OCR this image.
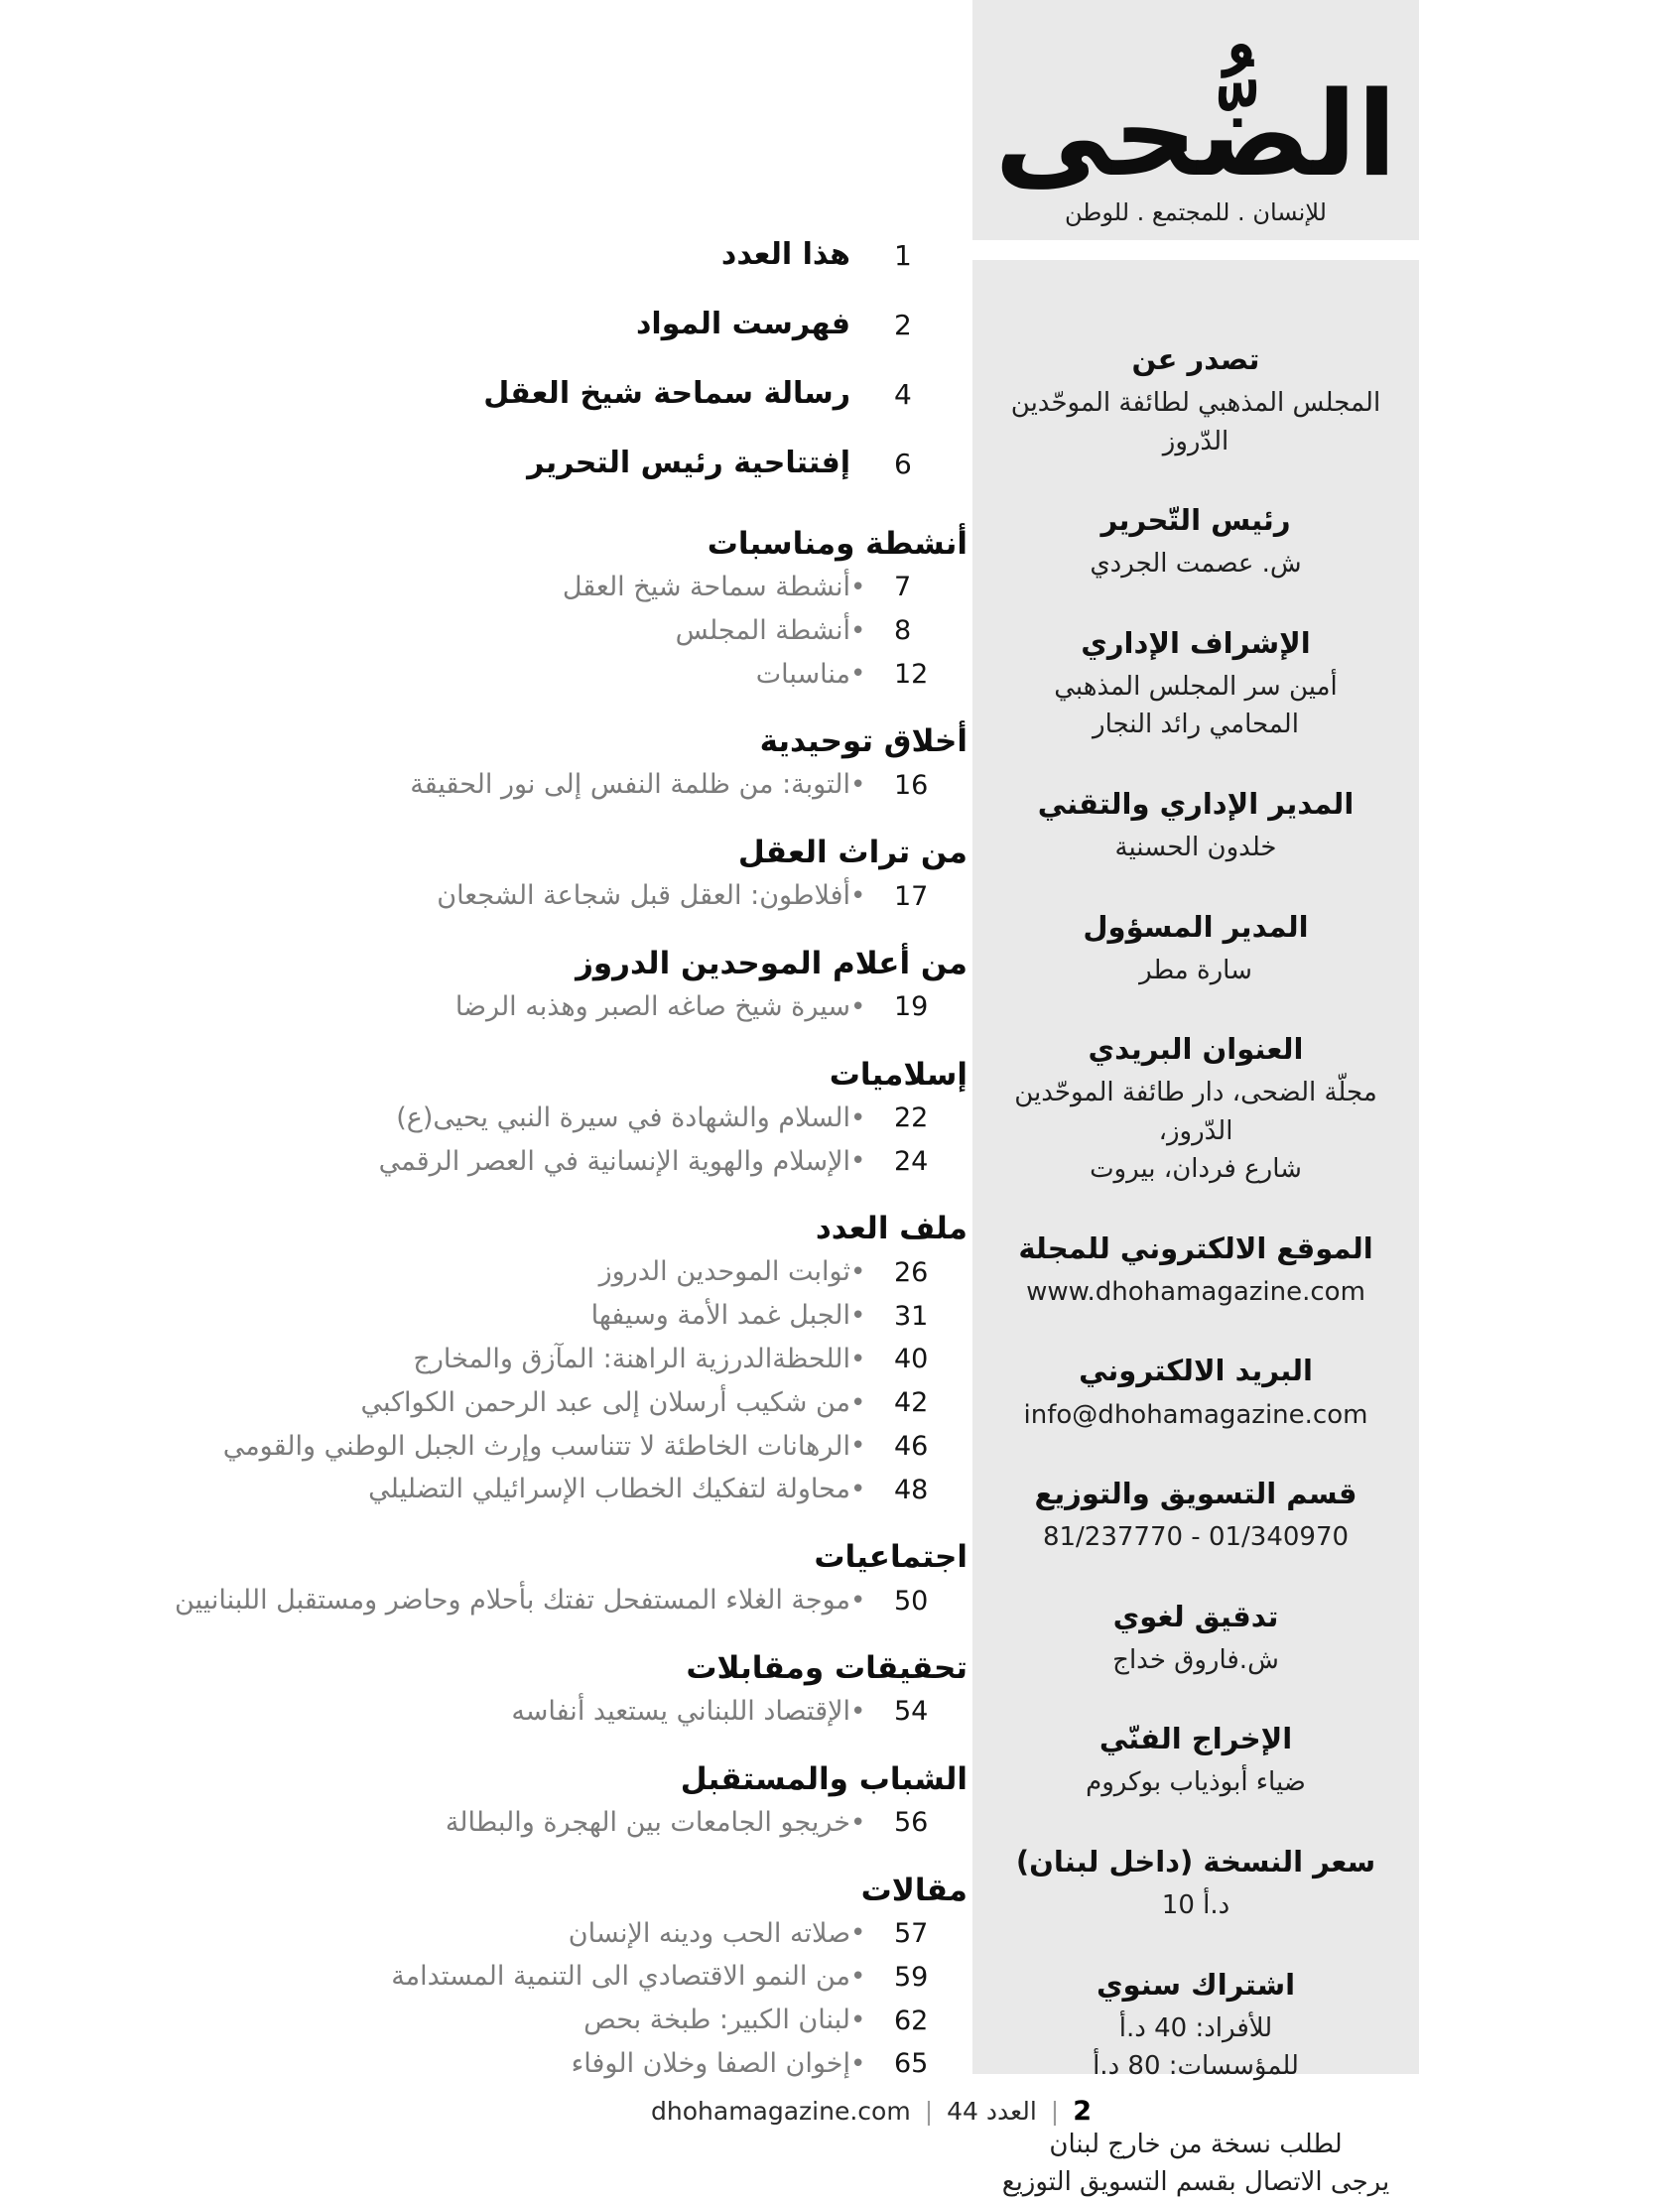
الضُّحى
للإنسان . للمجتمع . للوطن
تصدر عن
المجلس المذهبي لطائفة الموحّدين الدّروز
رئيس التّحرير
ش. عصمت الجردي
الإشراف الإداري
أمين سر المجلس المذهبي
المحامي رائد النجار
المدير الإداري والتقني
خلدون الحسنية
المدير المسؤول
سارة مطر
العنوان البريدي
مجلّة الضحى، دار طائفة الموحّدين الدّروز،
شارع فردان، بيروت
الموقع الالكتروني للمجلة
www.dhohamagazine.com
البريد الالكتروني
info@dhohamagazine.com
قسم التسويق والتوزيع
81/237770 - 01/340970
تدقيق لغوي
ش.فاروق خداج
الإخراج الفنّي
ضياء أبوذياب بوكروم
سعر النسخة (داخل لبنان)
10 د.أ
اشتراك سنوي
للأفراد: 40 د.أ
للمؤسسات: 80 د.أ
لطلب نسخة من خارج لبنان
يرجى الاتصال بقسم التسويق التوزيع
1
هذا العدد
2
فهرست المواد
4
رسالة سماحة شيخ العقل
6
إفتتاحية رئيس التحرير
أنشطة ومناسبات
7
•
أنشطة سماحة شيخ العقل
8
•
أنشطة المجلس
12
•
مناسبات
أخلاق توحيدية
16
•
التوبة: من ظلمة النفس إلى نور الحقيقة
من تراث العقل
17
•
أفلاطون: العقل قبل شجاعة الشجعان
من أعلام الموحدين الدروز
19
•
سيرة شيخ صاغه الصبر وهذبه الرضا
إسلاميات
22
•
السلام والشهادة في سيرة النبي يحيى(ع)
24
•
الإسلام والهوية الإنسانية في العصر الرقمي
ملف العدد
26
•
ثوابت الموحدين الدروز
31
•
الجبل غمد الأمة وسيفها
40
•
اللحظةالدرزية الراهنة: المآزق والمخارج
42
•
من شكيب أرسلان إلى عبد الرحمن الكواكبي
46
•
الرهانات الخاطئة لا تتناسب وإرث الجبل الوطني والقومي
48
•
محاولة لتفكيك الخطاب الإسرائيلي التضليلي
اجتماعيات
50
•
موجة الغلاء المستفحل تفتك بأحلام وحاضر ومستقبل اللبنانيين
تحقيقات ومقابلات
54
•
الإقتصاد اللبناني يستعيد أنفاسه
الشباب والمستقبل
56
•
خريجو الجامعات بين الهجرة والبطالة
مقالات
57
•
صلاته الحب ودينه الإنسان
59
•
من النمو الاقتصادي الى التنمية المستدامة
62
•
لبنان الكبير: طبخة بحص
65
•
إخوان الصفا وخلان الوفاء
dhohamagazine.com | العدد 44 | 2
